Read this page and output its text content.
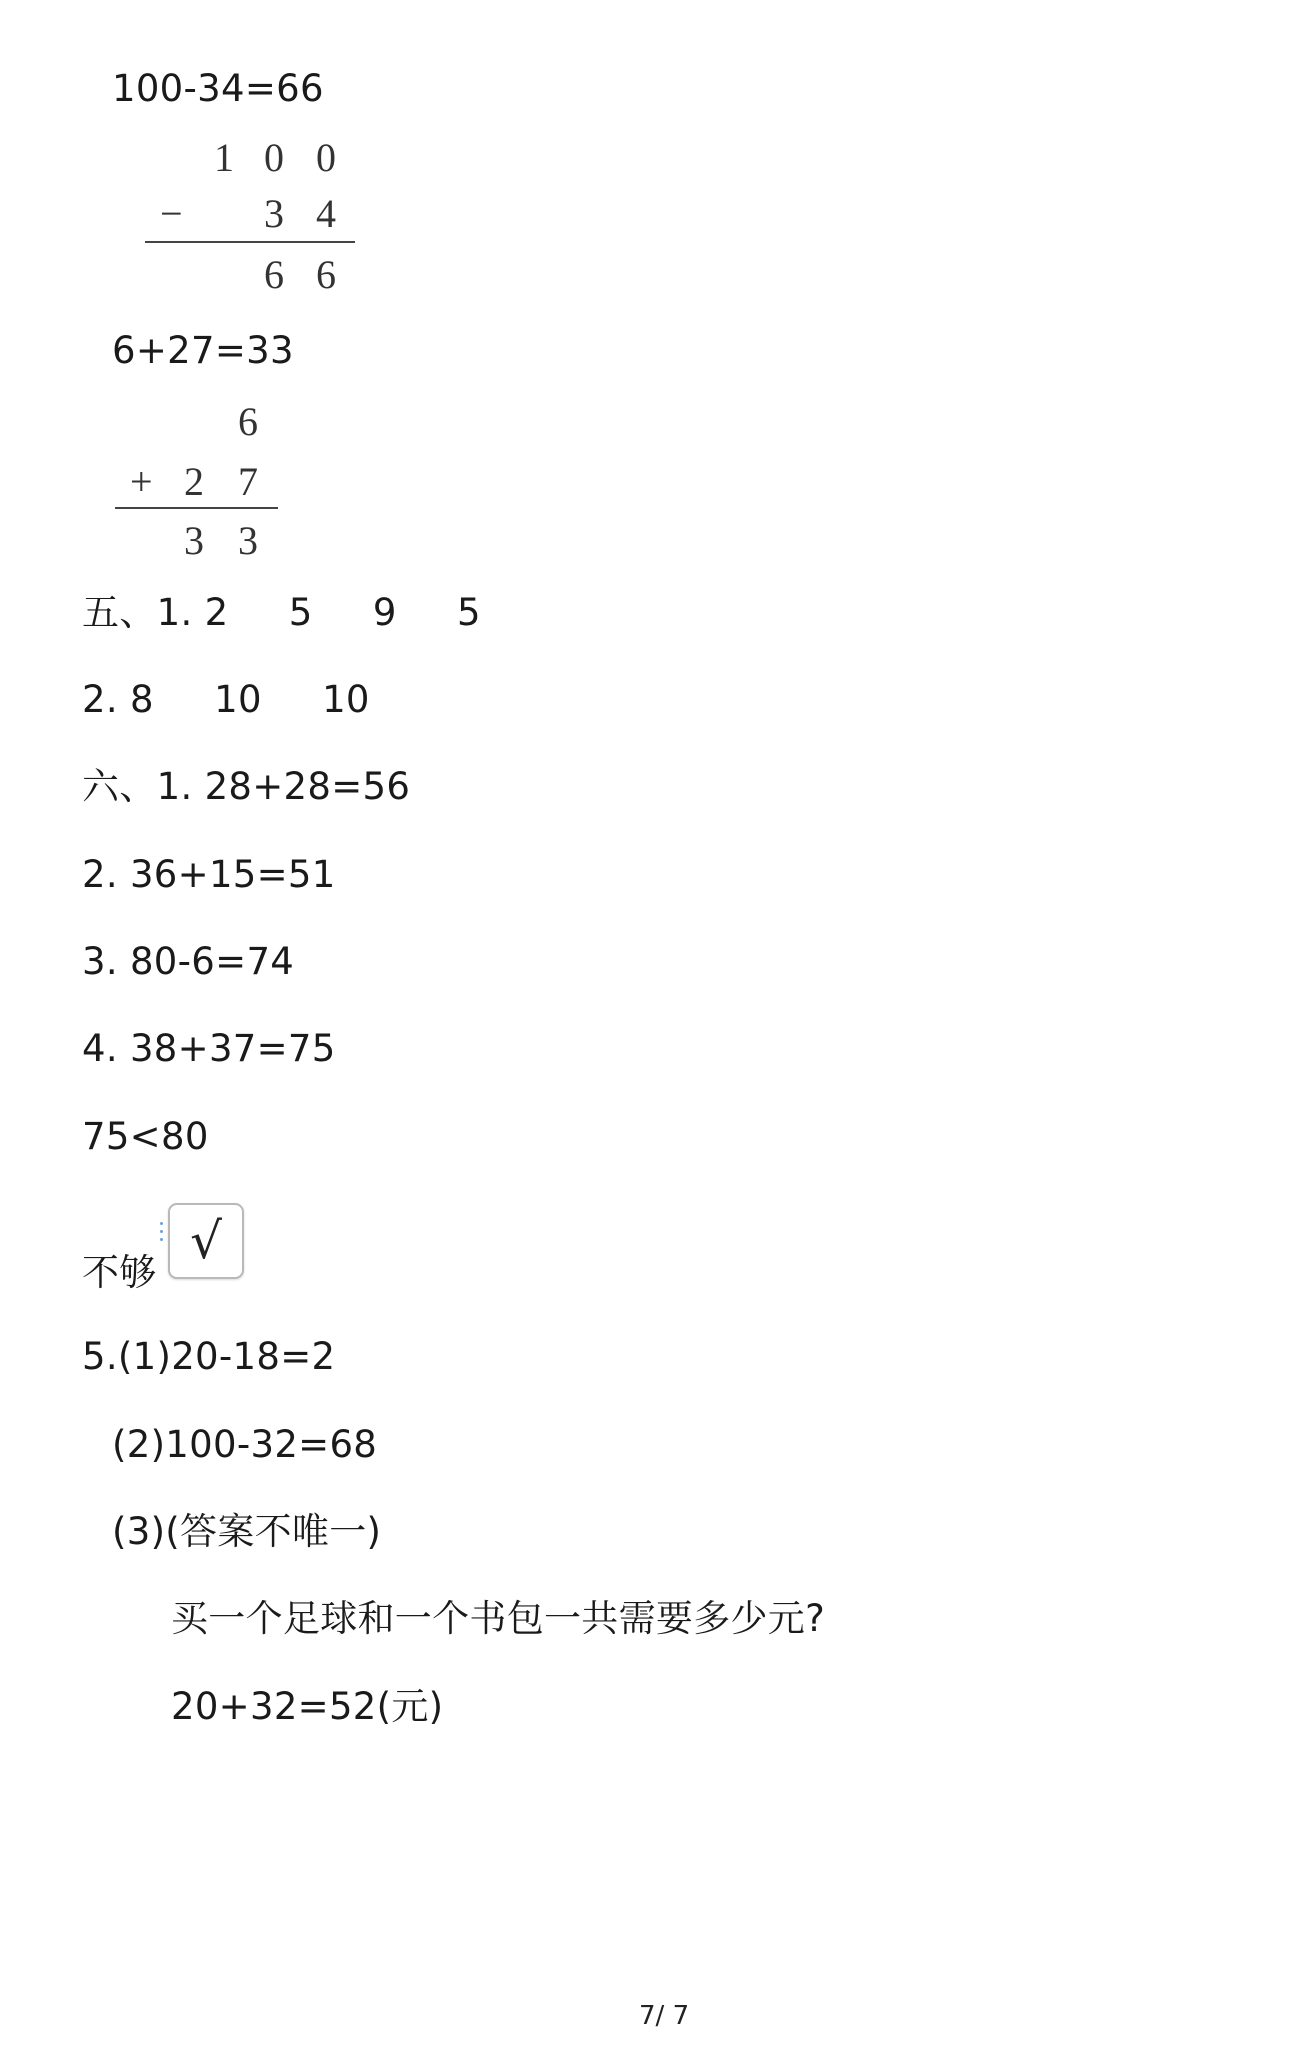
100-34=66
1 0 0
− 3 4
6 6
6+27=33
6
+ 2 7
3 3
五、1. 2     5     9     5
2. 8     10     10
六、1. 28+28=56
2. 36+15=51
3. 80-6=74
4. 38+37=75
75<80
不够
√
5.(1)20-18=2
(2)100-32=68
(3)(答案不唯一)
买一个足球和一个书包一共需要多少元?
20+32=52(元)
7/ 7
